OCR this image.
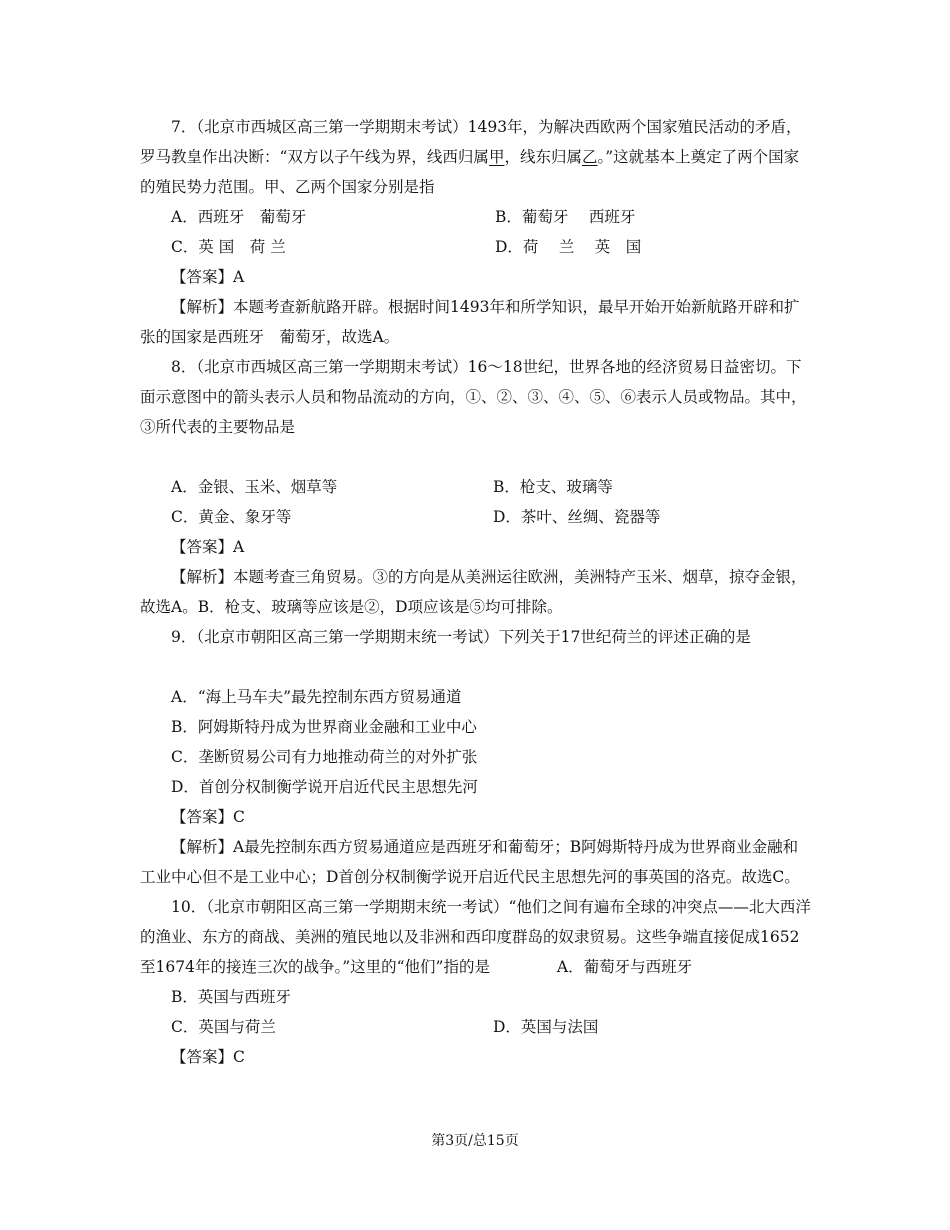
7．（北京市西城区高三第一学期期末考试）1493年，为解决西欧两个国家殖民活动的矛盾，罗马教皇作出决断：“双方以子午线为界，线西归属甲，线东归属乙。”这就基本上奠定了两个国家的殖民势力范围。甲、乙两个国家分别是指

A．西班牙　葡萄牙	B．葡萄牙　 西班牙
C．英 国　荷 兰	D．荷　 兰　 英　国

【答案】A

【解析】本题考查新航路开辟。根据时间1493年和所学知识，最早开始开始新航路开辟和扩张的国家是西班牙　葡萄牙，故选A。

8．（北京市西城区高三第一学期期末考试）16～18世纪，世界各地的经济贸易日益密切。下面示意图中的箭头表示人员和物品流动的方向，①、②、③、④、⑤、⑥表示人员或物品。其中，③所代表的主要物品是

A．金银、玉米、烟草等	B．枪支、玻璃等
C．黄金、象牙等	D．茶叶、丝绸、瓷器等

【答案】A

【解析】本题考查三角贸易。③的方向是从美洲运往欧洲，美洲特产玉米、烟草，掠夺金银，故选A。B．枪支、玻璃等应该是②，D项应该是⑤均可排除。

9．（北京市朝阳区高三第一学期期末统一考试）下列关于17世纪荷兰的评述正确的是

A．“海上马车夫”最先控制东西方贸易通道

B．阿姆斯特丹成为世界商业金融和工业中心

C．垄断贸易公司有力地推动荷兰的对外扩张

D．首创分权制衡学说开启近代民主思想先河

【答案】C

【解析】A最先控制东西方贸易通道应是西班牙和葡萄牙；B阿姆斯特丹成为世界商业金融和工业中心但不是工业中心；D首创分权制衡学说开启近代民主思想先河的事英国的洛克。故选C。

10．（北京市朝阳区高三第一学期期末统一考试）“他们之间有遍布全球的冲突点——北大西洋的渔业、东方的商战、美洲的殖民地以及非洲和西印度群岛的奴隶贸易。这些争端直接促成1652至1674年的接连三次的战争。”这里的“他们”指的是　　　　 A．葡萄牙与西班牙

B．英国与西班牙

C．英国与荷兰	D．英国与法国

【答案】C

第3页/总15页
